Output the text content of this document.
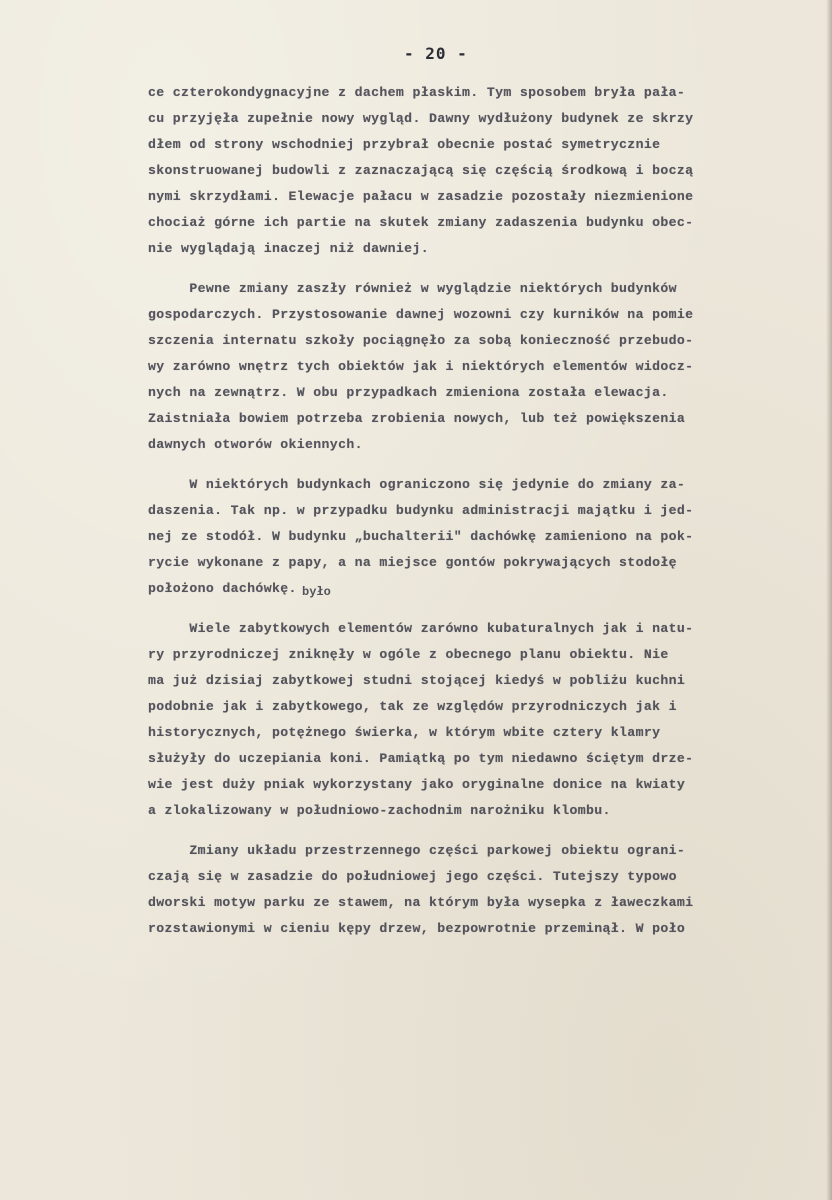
- 20 -
było
ce czterokondygnacyjne z dachem płaskim. Tym sposobem bryła pała-
cu przyjęła zupełnie nowy wygląd. Dawny wydłużony budynek ze skrzy
dłem od strony wschodniej przybrał obecnie postać symetrycznie
skonstruowanej budowli z zaznaczającą się częścią środkową i boczą
nymi skrzydłami. Elewacje pałacu w zasadzie pozostały niezmienione
chociaż górne ich partie na skutek zmiany zadaszenia budynku obec-
nie wyglądają inaczej niż dawniej.
Pewne zmiany zaszły również w wyglądzie niektórych budynków
gospodarczych. Przystosowanie dawnej wozowni czy kurników na pomie
szczenia internatu szkoły pociągnęło za sobą konieczność przebudo-
wy zarówno wnętrz tych obiektów jak i niektórych elementów widocz-
nych na zewnątrz. W obu przypadkach zmieniona została elewacja.
Zaistniała bowiem potrzeba zrobienia nowych, lub też powiększenia
dawnych otworów okiennych.
W niektórych budynkach ograniczono się jedynie do zmiany za-
daszenia. Tak np. w przypadku budynku administracji majątku i jed-
nej ze stodół. W budynku „buchalterii" dachówkę zamieniono na pok-
rycie wykonane z papy, a na miejsce gontów pokrywających stodołę
położono dachówkę.
Wiele zabytkowych elementów zarówno kubaturalnych jak i natu-
ry przyrodniczej zniknęły w ogóle z obecnego planu obiektu. Nie
ma już dzisiaj zabytkowej studni stojącej kiedyś w pobliżu kuchni
podobnie jak i zabytkowego, tak ze względów przyrodniczych jak i
historycznych, potężnego świerka, w którym wbite cztery klamry
służyły do uczepiania koni. Pamiątką po tym niedawno ściętym drze-
wie jest duży pniak wykorzystany jako oryginalne donice na kwiaty
a zlokalizowany w południowo-zachodnim narożniku klombu.
Zmiany układu przestrzennego części parkowej obiektu ograni-
czają się w zasadzie do południowej jego części. Tutejszy typowo
dworski motyw parku ze stawem, na którym była wysepka z ławeczkami
rozstawionymi w cieniu kępy drzew, bezpowrotnie przeminął. W poło
